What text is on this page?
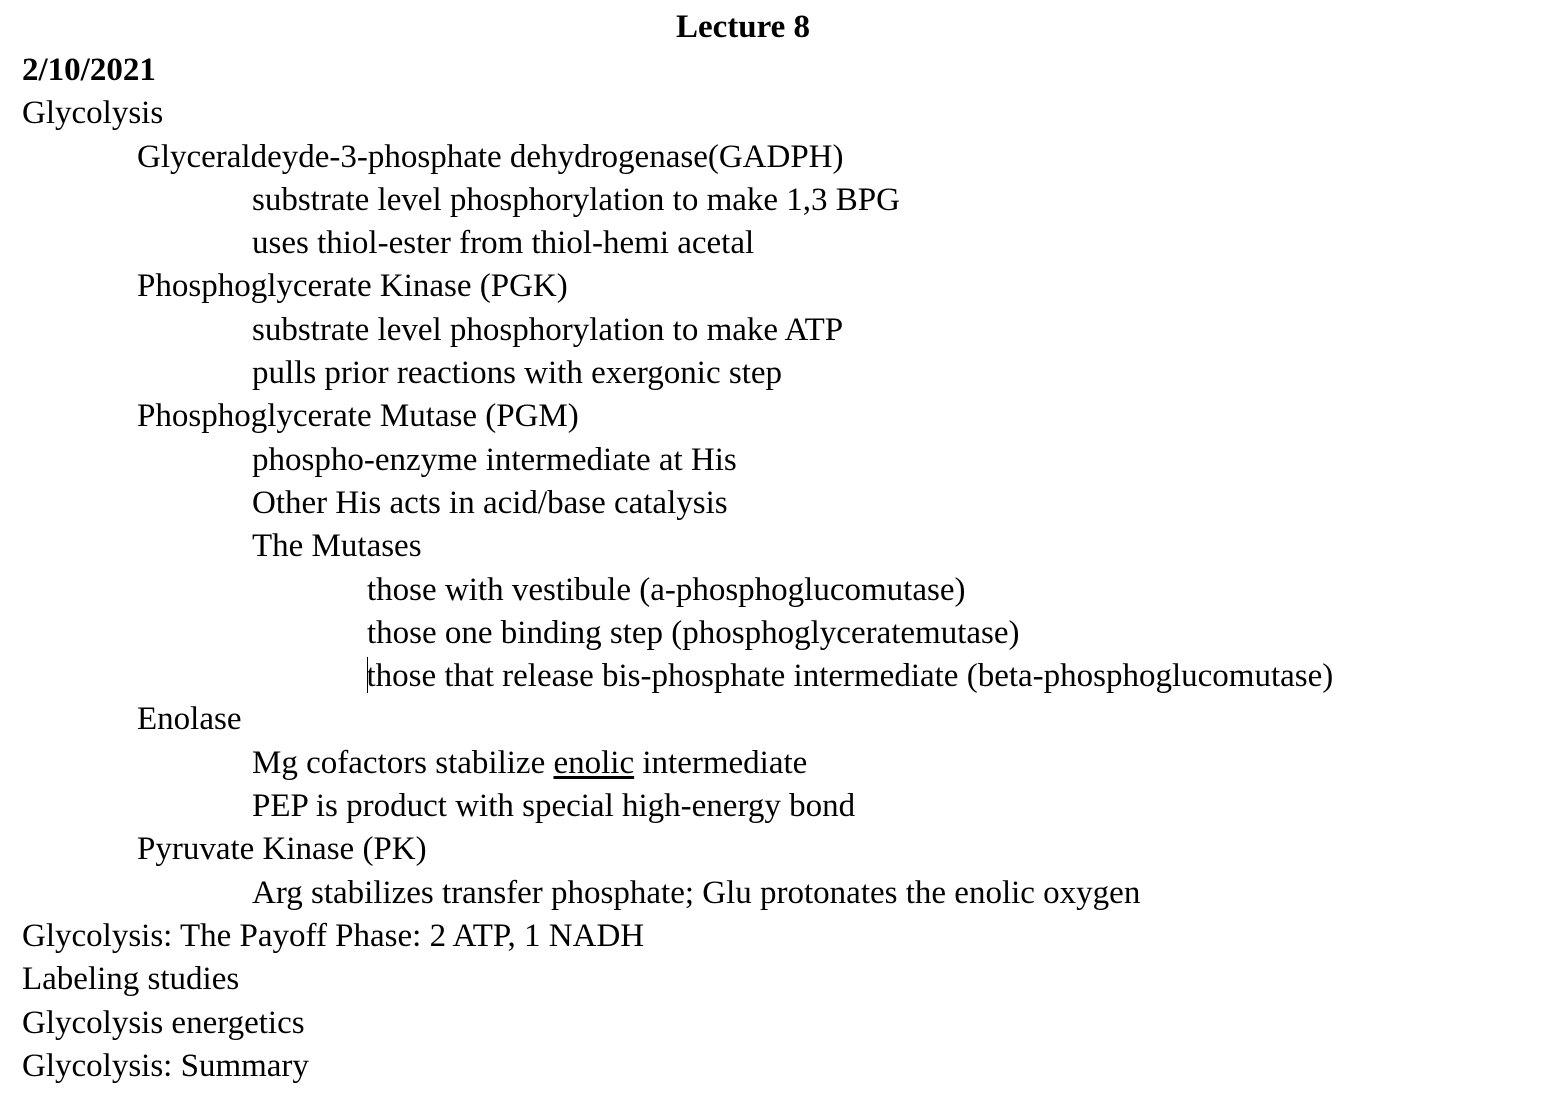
Lecture 8
2/10/2021
Glycolysis
Glyceraldeyde-3-phosphate dehydrogenase(GADPH)
substrate level phosphorylation to make 1,3 BPG
uses thiol-ester from thiol-hemi acetal
Phosphoglycerate Kinase (PGK)
substrate level phosphorylation to make ATP
pulls prior reactions with exergonic step
Phosphoglycerate Mutase (PGM)
phospho-enzyme intermediate at His
Other His acts in acid/base catalysis
The Mutases
those with vestibule (a-phosphoglucomutase)
those one binding step (phosphoglyceratemutase)
those that release bis-phosphate intermediate (beta-phosphoglucomutase)
Enolase
Mg cofactors stabilize enolic intermediate
PEP is product with special high-energy bond
Pyruvate Kinase (PK)
Arg stabilizes transfer phosphate; Glu protonates the enolic oxygen
Glycolysis: The Payoff Phase: 2 ATP, 1 NADH
Labeling studies
Glycolysis energetics
Glycolysis: Summary
